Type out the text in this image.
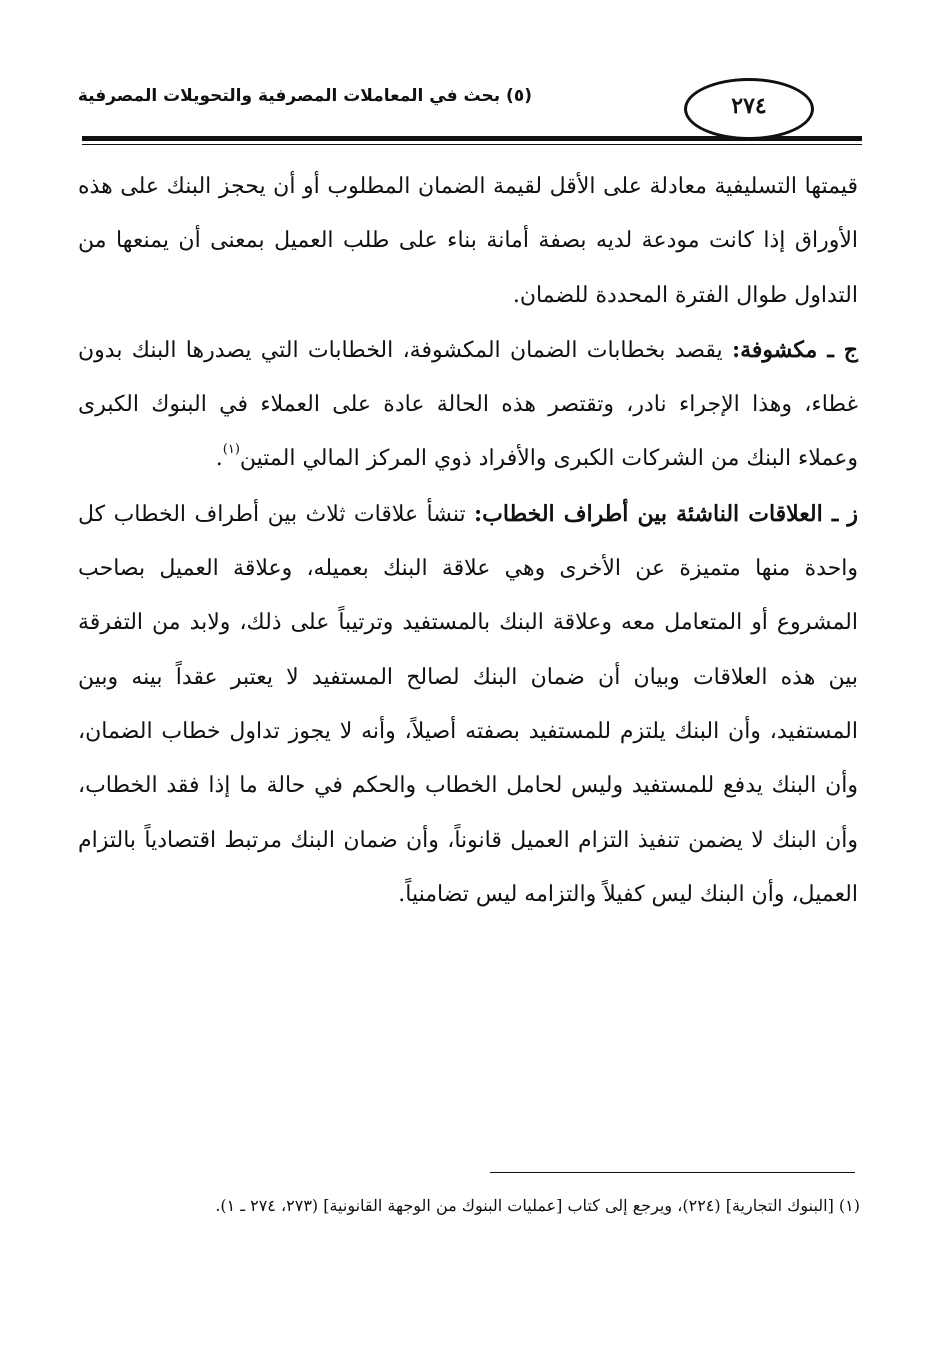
(٥) بحث في المعاملات المصرفية والتحويلات المصرفية	٢٧٤

قيمتها التسليفية معادلة على الأقل لقيمة الضمان المطلوب أو أن يحجز البنك على هذه الأوراق إذا كانت مودعة لديه بصفة أمانة بناء على طلب العميل بمعنى أن يمنعها من التداول طوال الفترة المحددة للضمان.

ج ـ مكشوفة: يقصد بخطابات الضمان المكشوفة، الخطابات التي يصدرها البنك بدون غطاء، وهذا الإجراء نادر، وتقتصر هذه الحالة عادة على العملاء في البنوك الكبرى وعملاء البنك من الشركات الكبرى والأفراد ذوي المركز المالي المتين$^{(١)}$.

ز ـ العلاقات الناشئة بين أطراف الخطاب: تنشأ علاقات ثلاث بين أطراف الخطاب كل واحدة منها متميزة عن الأخرى وهي علاقة البنك بعميله، وعلاقة العميل بصاحب المشروع أو المتعامل معه وعلاقة البنك بالمستفيد وترتيباً على ذلك، ولابد من التفرقة بين هذه العلاقات وبيان أن ضمان البنك لصالح المستفيد لا يعتبر عقداً بينه وبين المستفيد، وأن البنك يلتزم للمستفيد بصفته أصيلاً، وأنه لا يجوز تداول خطاب الضمان، وأن البنك يدفع للمستفيد وليس لحامل الخطاب والحكم في حالة ما إذا فقد الخطاب، وأن البنك لا يضمن تنفيذ التزام العميل قانوناً، وأن ضمان البنك مرتبط اقتصادياً بالتزام العميل، وأن البنك ليس كفيلاً والتزامه ليس تضامنياً.

(١) [البنوك التجارية] (٢٢٤)، ويرجع إلى كتاب [عمليات البنوك من الوجهة القانونية] (٢٧٣، ٢٧٤ ـ ١).
